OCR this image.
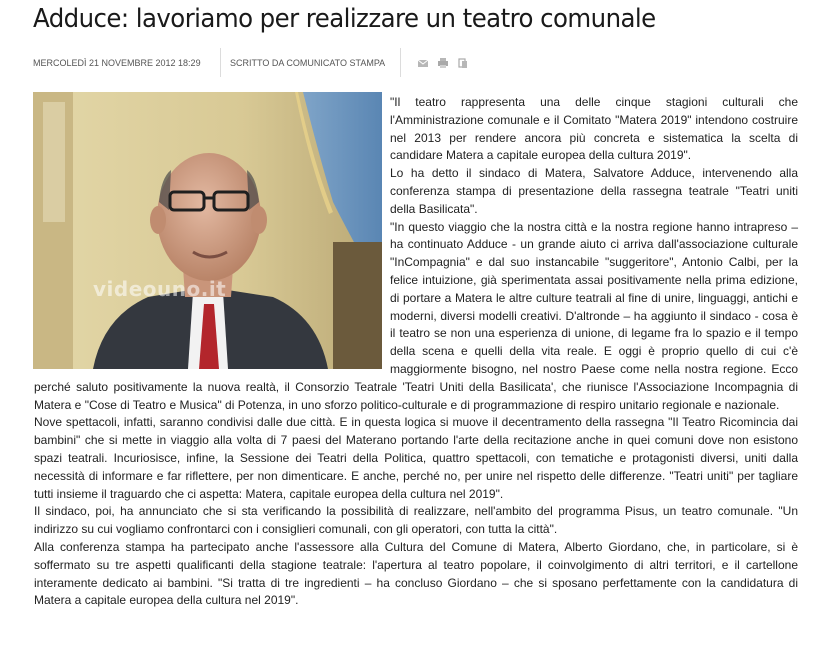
Adduce: lavoriamo per realizzare un teatro comunale
MERCOLEDÌ 21 NOVEMBRE 2012 18:29	SCRITTO DA COMUNICATO STAMPA
videouno.it

"Il teatro rappresenta una delle cinque stagioni culturali che l'Amministrazione comunale e il Comitato "Matera 2019" intendono costruire nel 2013 per rendere ancora più concreta e sistematica la scelta di candidare Matera a capitale europea della cultura 2019".

Lo ha detto il sindaco di Matera, Salvatore Adduce, intervenendo alla conferenza stampa di presentazione della rassegna teatrale "Teatri uniti della Basilicata".

"In questo viaggio che la nostra città e la nostra regione hanno intrapreso – ha continuato Adduce - un grande aiuto ci arriva dall'associazione culturale "InCompagnia" e dal suo instancabile "suggeritore", Antonio Calbi, per la felice intuizione, già sperimentata assai positivamente nella prima edizione, di portare a Matera le altre culture teatrali al fine di unire, linguaggi, antichi e moderni, diversi modelli creativi. D'altronde – ha aggiunto il sindaco - cosa è il teatro se non una esperienza di unione, di legame fra lo spazio e il tempo della scena e quelli della vita reale. E oggi è proprio quello di cui c'è maggiormente bisogno, nel nostro Paese come nella nostra regione. Ecco perché saluto positivamente la nuova realtà, il Consorzio Teatrale 'Teatri Uniti della Basilicata', che riunisce l'Associazione Incompagnia di Matera e "Cose di Teatro e Musica" di Potenza, in uno sforzo politico-culturale e di programmazione di respiro unitario regionale e nazionale.

Nove spettacoli, infatti, saranno condivisi dalle due città. E in questa logica si muove il decentramento della rassegna "Il Teatro Ricomincia dai bambini" che si mette in viaggio alla volta di 7 paesi del Materano portando l'arte della recitazione anche in quei comuni dove non esistono spazi teatrali. Incuriosisce, infine, la Sessione dei Teatri della Politica, quattro spettacoli, con tematiche e protagonisti diversi, uniti dalla necessità di informare e far riflettere, per non dimenticare. E anche, perché no, per unire nel rispetto delle differenze. "Teatri uniti" per tagliare tutti insieme il traguardo che ci aspetta: Matera, capitale europea della cultura nel 2019".

Il sindaco, poi, ha annunciato che si sta verificando la possibilità di realizzare, nell'ambito del programma Pisus, un teatro comunale. "Un indirizzo su cui vogliamo confrontarci con i consiglieri comunali, con gli operatori, con tutta la città".

Alla conferenza stampa ha partecipato anche l'assessore alla Cultura del Comune di Matera, Alberto Giordano, che, in particolare, si è soffermato su tre aspetti qualificanti della stagione teatrale: l'apertura al teatro popolare, il coinvolgimento di altri territori, e il cartellone interamente dedicato ai bambini. "Si tratta di tre ingredienti – ha concluso Giordano – che si sposano perfettamente con la candidatura di Matera a capitale europea della cultura nel 2019".
